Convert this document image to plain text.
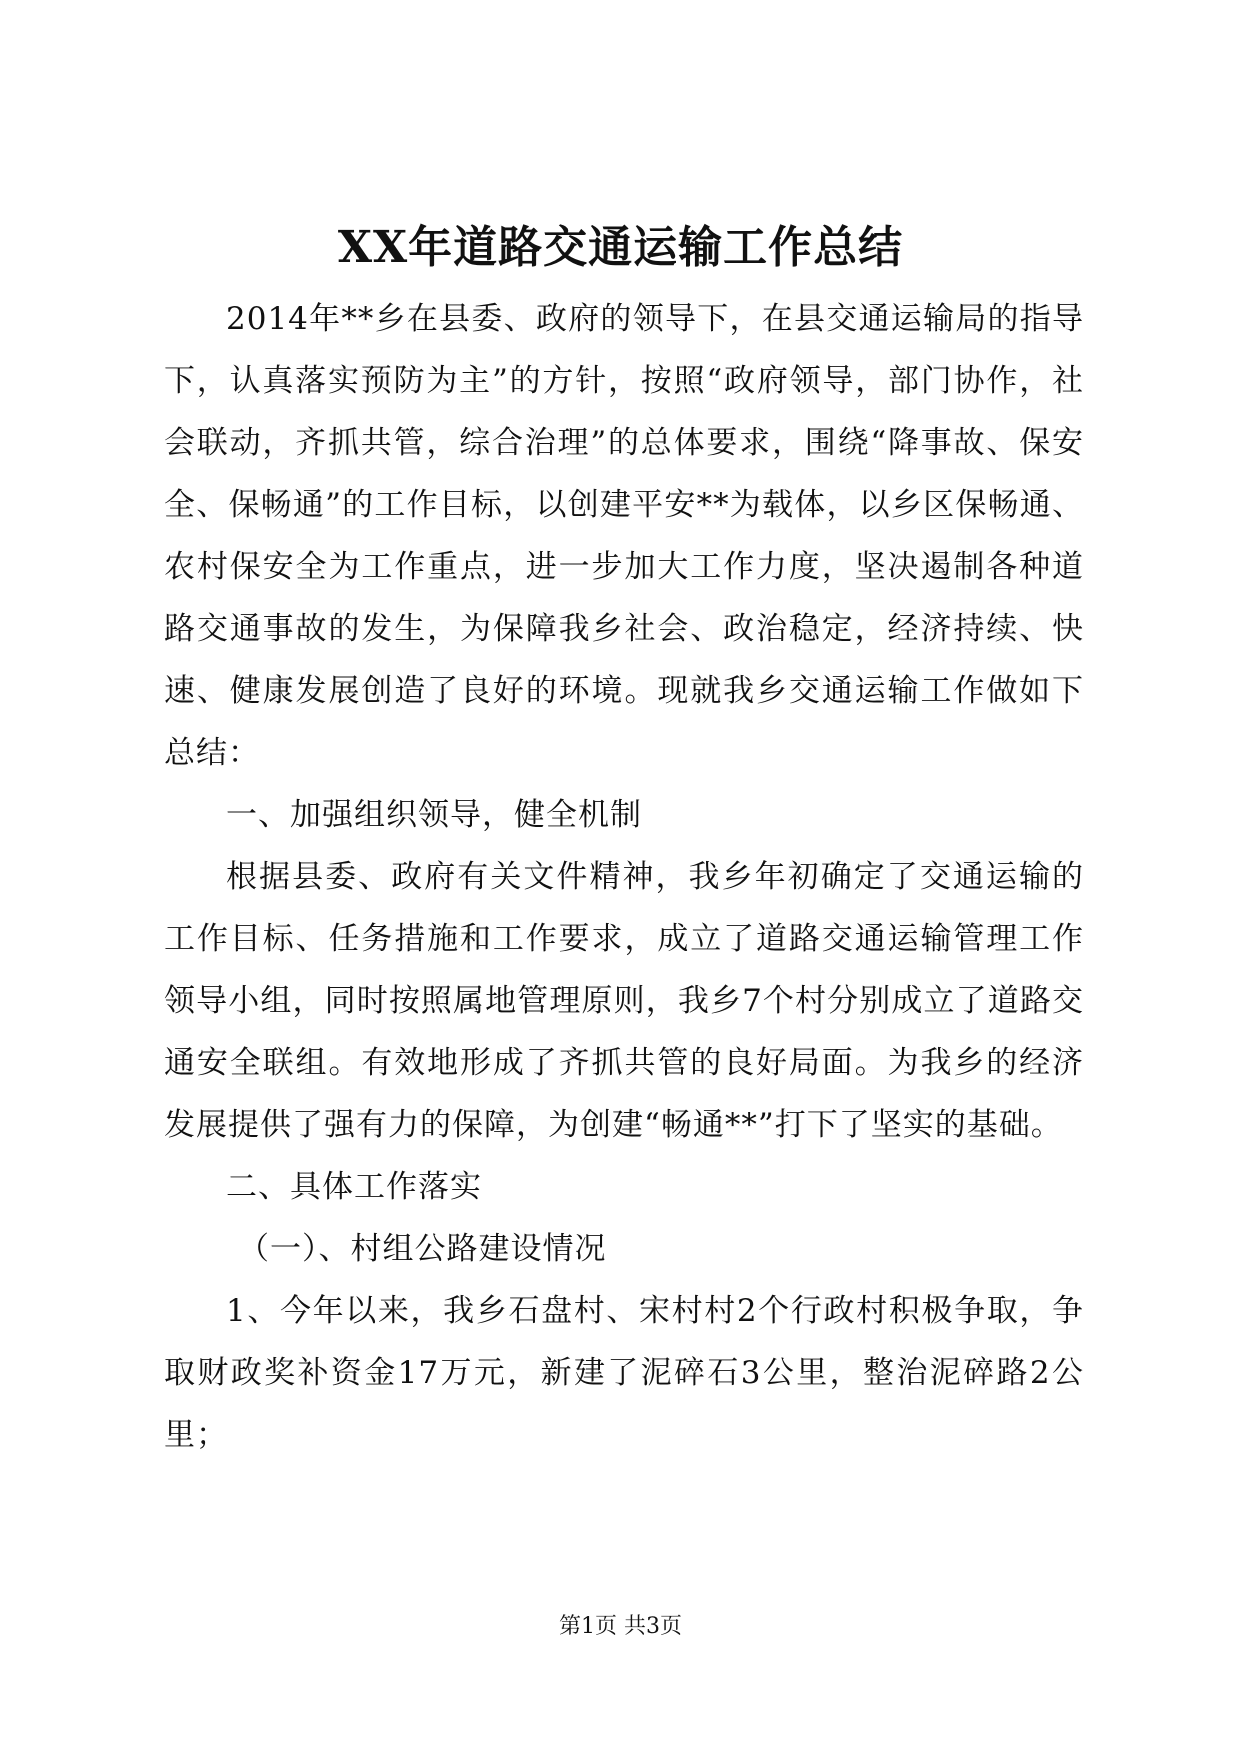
XX年道路交通运输工作总结

2014年**乡在县委、政府的领导下，在县交通运输局的指导下，认真落实预防为主”的方针，按照“政府领导，部门协作，社会联动，齐抓共管，综合治理”的总体要求，围绕“降事故、保安全、保畅通”的工作目标，以创建平安**为载体，以乡区保畅通、农村保安全为工作重点，进一步加大工作力度，坚决遏制各种道路交通事故的发生，为保障我乡社会、政治稳定，经济持续、快速、健康发展创造了良好的环境。现就我乡交通运输工作做如下总结：

一、加强组织领导，健全机制

根据县委、政府有关文件精神，我乡年初确定了交通运输的工作目标、任务措施和工作要求，成立了道路交通运输管理工作领导小组，同时按照属地管理原则，我乡7个村分别成立了道路交通安全联组。有效地形成了齐抓共管的良好局面。为我乡的经济发展提供了强有力的保障，为创建“畅通**”打下了坚实的基础。

二、具体工作落实

（一）、村组公路建设情况

1、今年以来，我乡石盘村、宋村村2个行政村积极争取，争取财政奖补资金17万元，新建了泥碎石3公里，整治泥碎路2公里；

第1页 共3页
